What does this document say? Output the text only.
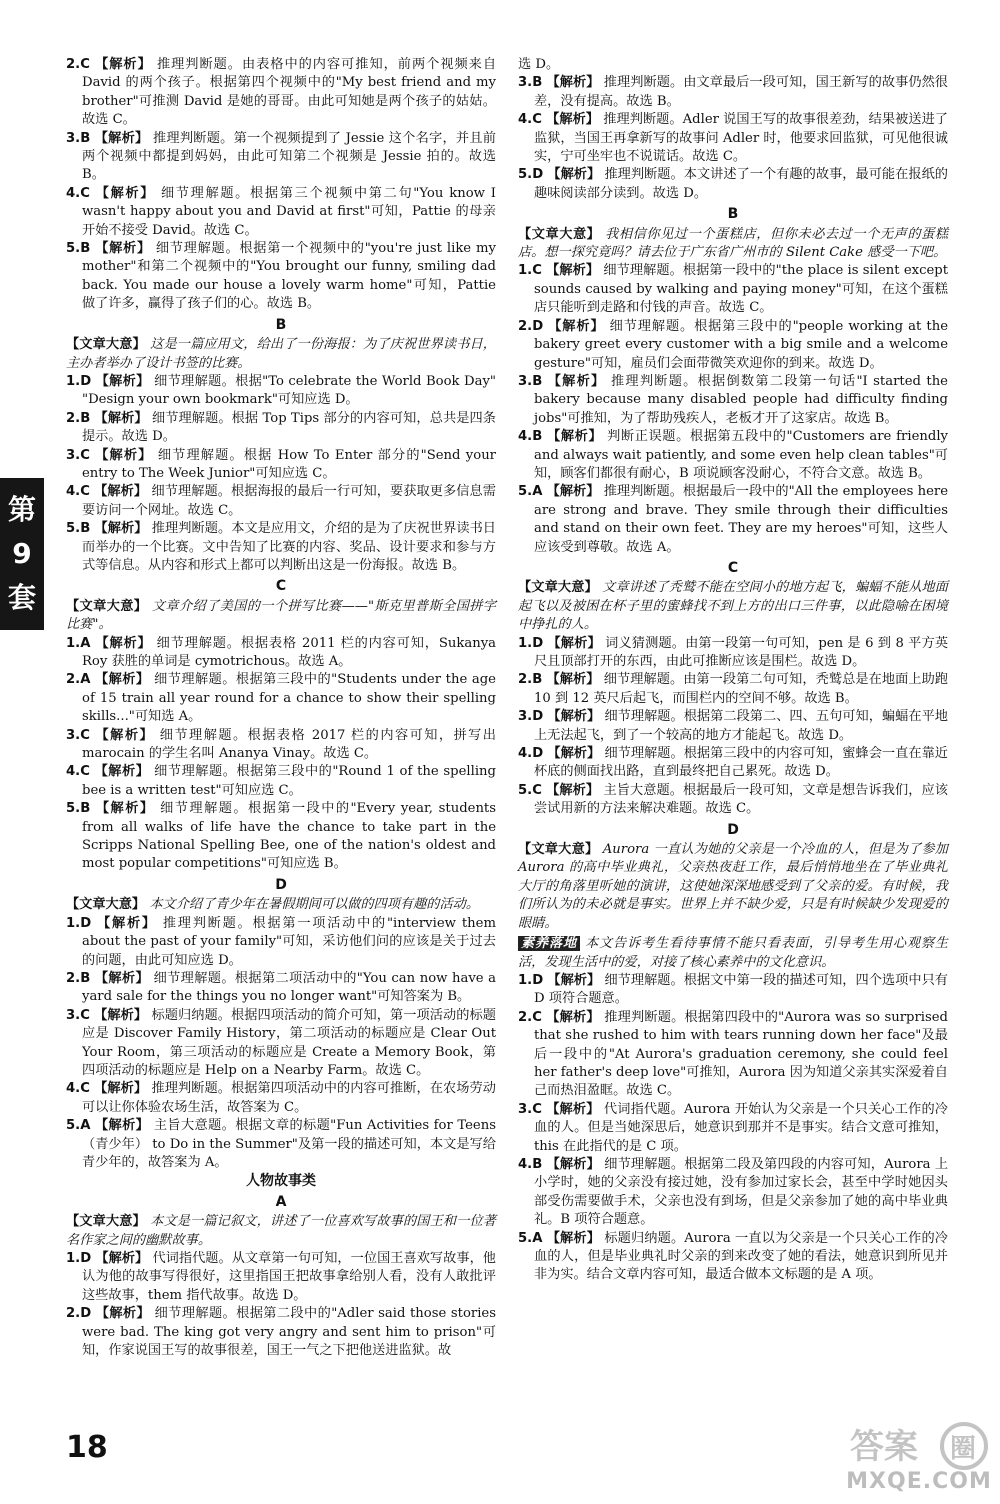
第
9
套

2.C 【解析】 推理判断题。由表格中的内容可推知，前两个视频来自 David 的两个孩子。根据第四个视频中的"My best friend and my brother"可推测 David 是她的哥哥。由此可知她是两个孩子的姑姑。故选 C。

3.B 【解析】 推理判断题。第一个视频提到了 Jessie 这个名字，并且前两个视频中都提到妈妈，由此可知第二个视频是 Jessie 拍的。故选 B。

4.C 【解析】 细节理解题。根据第三个视频中第二句"You know I wasn't happy about you and David at first"可知，Pattie 的母亲开始不接受 David。故选 C。

5.B 【解析】 细节理解题。根据第一个视频中的"you're just like my mother"和第二个视频中的"You brought our funny, smiling dad back. You made our house a lovely warm home"可知，Pattie 做了许多，赢得了孩子们的心。故选 B。

B

【文章大意】 这是一篇应用文，给出了一份海报：为了庆祝世界读书日，主办者举办了设计书签的比赛。

1.D 【解析】 细节理解题。根据"To celebrate the World Book Day" "Design your own bookmark"可知应选 D。

2.B 【解析】 细节理解题。根据 Top Tips 部分的内容可知，总共是四条提示。故选 D。

3.C 【解析】 细节理解题。根据 How To Enter 部分的"Send your entry to The Week Junior"可知应选 C。

4.C 【解析】 细节理解题。根据海报的最后一行可知，要获取更多信息需要访问一个网址。故选 C。

5.B 【解析】 推理判断题。本文是应用文，介绍的是为了庆祝世界读书日而举办的一个比赛。文中告知了比赛的内容、奖品、设计要求和参与方式等信息。从内容和形式上都可以判断出这是一份海报。故选 B。

C

【文章大意】 文章介绍了美国的一个拼写比赛——"斯克里普斯全国拼字比赛"。

1.A 【解析】 细节理解题。根据表格 2011 栏的内容可知，Sukanya Roy 获胜的单词是 cymotrichous。故选 A。

2.A 【解析】 细节理解题。根据第三段中的"Students under the age of 15 train all year round for a chance to show their spelling skills..."可知选 A。

3.C 【解析】 细节理解题。根据表格 2017 栏的内容可知，拼写出 marocain 的学生名叫 Ananya Vinay。故选 C。

4.C 【解析】 细节理解题。根据第三段中的"Round 1 of the spelling bee is a written test"可知应选 C。

5.B 【解析】 细节理解题。根据第一段中的"Every year, students from all walks of life have the chance to take part in the Scripps National Spelling Bee, one of the nation's oldest and most popular competitions"可知应选 B。

D

【文章大意】 本文介绍了青少年在暑假期间可以做的四项有趣的活动。

1.D 【解析】 推理判断题。根据第一项活动中的"interview them about the past of your family"可知，采访他们问的应该是关于过去的问题，由此可知应选 D。

2.B 【解析】 细节理解题。根据第二项活动中的"You can now have a yard sale for the things you no longer want"可知答案为 B。

3.C 【解析】 标题归纳题。根据四项活动的简介可知，第一项活动的标题应是 Discover Family History，第二项活动的标题应是 Clear Out Your Room，第三项活动的标题应是 Create a Memory Book，第四项活动的标题应是 Help on a Nearby Farm。故选 C。

4.C 【解析】 推理判断题。根据第四项活动中的内容可推断，在农场劳动可以让你体验农场生活，故答案为 C。

5.A 【解析】 主旨大意题。根据文章的标题"Fun Activities for Teens（青少年） to Do in the Summer"及第一段的描述可知，本文是写给青少年的，故答案为 A。

人物故事类

A

【文章大意】 本文是一篇记叙文，讲述了一位喜欢写故事的国王和一位著名作家之间的幽默故事。

1.D 【解析】 代词指代题。从文章第一句可知，一位国王喜欢写故事，他认为他的故事写得很好，这里指国王把故事拿给别人看，没有人敢批评这些故事，them 指代故事。故选 D。

2.D 【解析】 细节理解题。根据第二段中的"Adler said those stories were bad. The king got very angry and sent him to prison"可知，作家说国王写的故事很差，国王一气之下把他送进监狱。故

选 D。

3.B 【解析】 推理判断题。由文章最后一段可知，国王新写的故事仍然很差，没有提高。故选 B。

4.C 【解析】 推理判断题。Adler 说国王写的故事很差劲，结果被送进了监狱，当国王再拿新写的故事问 Adler 时，他要求回监狱，可见他很诚实，宁可坐牢也不说谎话。故选 C。

5.D 【解析】 推理判断题。本文讲述了一个有趣的故事，最可能在报纸的趣味阅读部分读到。故选 D。

B

【文章大意】 我相信你见过一个蛋糕店，但你未必去过一个无声的蛋糕店。想一探究竟吗？请去位于广东省广州市的 Silent Cake 感受一下吧。

1.C 【解析】 细节理解题。根据第一段中的"the place is silent except sounds caused by walking and paying money"可知，在这个蛋糕店只能听到走路和付钱的声音。故选 C。

2.D 【解析】 细节理解题。根据第三段中的"people working at the bakery greet every customer with a big smile and a welcome gesture"可知，雇员们会面带微笑欢迎你的到来。故选 D。

3.B 【解析】 推理判断题。根据倒数第二段第一句话"I started the bakery because many disabled people had difficulty finding jobs"可推知，为了帮助残疾人，老板才开了这家店。故选 B。

4.B 【解析】 判断正误题。根据第五段中的"Customers are friendly and always wait patiently, and some even help clean tables"可知，顾客们都很有耐心，B 项说顾客没耐心，不符合文意。故选 B。

5.A 【解析】 推理判断题。根据最后一段中的"All the employees here are strong and brave. They smile through their difficulties and stand on their own feet. They are my heroes"可知，这些人应该受到尊敬。故选 A。

C

【文章大意】 文章讲述了秃鹫不能在空间小的地方起飞，蝙蝠不能从地面起飞以及被困在杯子里的蜜蜂找不到上方的出口三件事，以此隐喻在困境中挣扎的人。

1.D 【解析】 词义猜测题。由第一段第一句可知，pen 是 6 到 8 平方英尺且顶部打开的东西，由此可推断应该是围栏。故选 D。

2.B 【解析】 细节理解题。由第一段第二句可知，秃鹫总是在地面上助跑 10 到 12 英尺后起飞，而围栏内的空间不够。故选 B。

3.D 【解析】 细节理解题。根据第二段第二、四、五句可知，蝙蝠在平地上无法起飞，到了一个较高的地方才能起飞。故选 D。

4.D 【解析】 细节理解题。根据第三段中的内容可知，蜜蜂会一直在靠近杯底的侧面找出路，直到最终把自己累死。故选 D。

5.C 【解析】 主旨大意题。根据最后一段可知，文章是想告诉我们，应该尝试用新的方法来解决难题。故选 C。

D

【文章大意】 Aurora 一直认为她的父亲是一个冷血的人，但是为了参加 Aurora 的高中毕业典礼，父亲热夜赶工作，最后悄悄地坐在了毕业典礼大厅的角落里听她的演讲，这使她深深地感受到了父亲的爱。有时候，我们所认为的未必就是事实。世界上并不缺少爱，只是有时候缺少发现爱的眼睛。

素养落地 本文告诉考生看待事情不能只看表面，引导考生用心观察生活，发现生活中的爱，对接了核心素养中的文化意识。

1.D 【解析】 细节理解题。根据文中第一段的描述可知，四个选项中只有 D 项符合题意。

2.C 【解析】 推理判断题。根据第四段中的"Aurora was so surprised that she rushed to him with tears running down her face"及最后一段中的"At Aurora's graduation ceremony, she could feel her father's deep love"可推知，Aurora 因为知道父亲其实深爱着自己而热泪盈眶。故选 C。

3.C 【解析】 代词指代题。Aurora 开始认为父亲是一个只关心工作的冷血的人。但是当她深思后，她意识到那并不是事实。结合文意可推知，this 在此指代的是 C 项。

4.B 【解析】 细节理解题。根据第二段及第四段的内容可知，Aurora 上小学时，她的父亲没有接过她，没有参加过家长会，甚至中学时她因头部受伤需要做手术，父亲也没有到场，但是父亲参加了她的高中毕业典礼。B 项符合题意。

5.A 【解析】 标题归纳题。Aurora 一直以为父亲是一个只关心工作的冷血的人，但是毕业典礼时父亲的到来改变了她的看法，她意识到所见并非为实。结合文章内容可知，最适合做本文标题的是 A 项。

18	答案 圈
MXQE.COM
